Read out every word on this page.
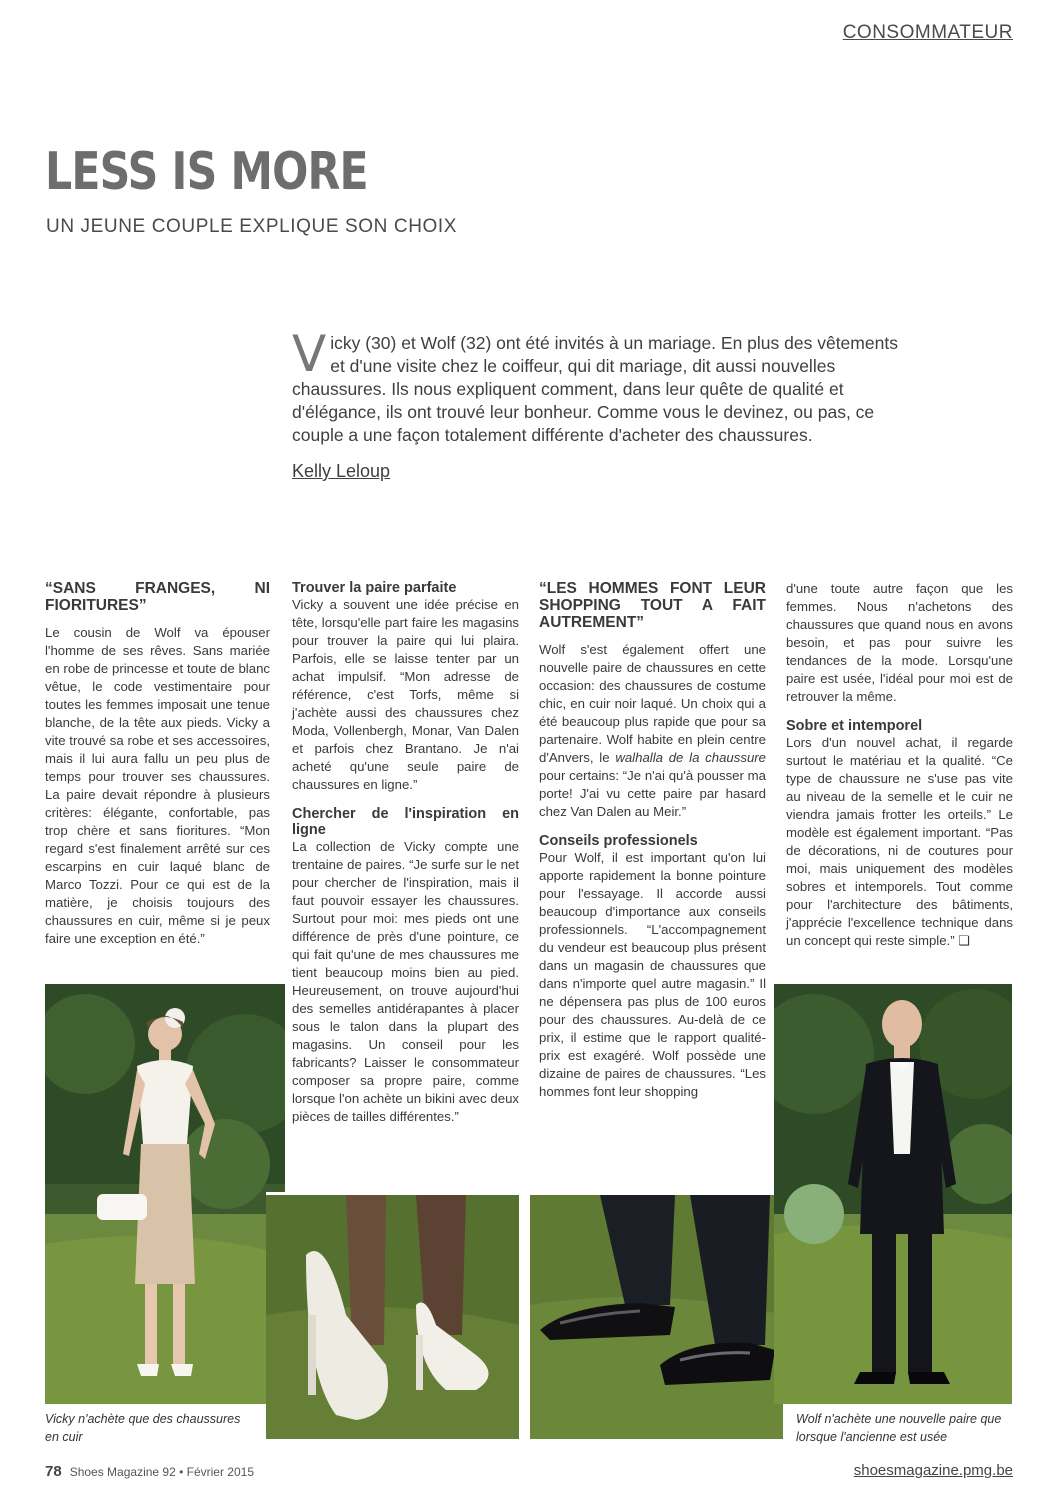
CONSOMMATEUR
LESS IS MORE
UN JEUNE COUPLE EXPLIQUE SON CHOIX
Vicky (30) et Wolf (32) ont été invités à un mariage. En plus des vêtements et d'une visite chez le coiffeur, qui dit mariage, dit aussi nouvelles chaussures. Ils nous expliquent comment, dans leur quête de qualité et d'élégance, ils ont trouvé leur bonheur. Comme vous le devinez, ou pas, ce couple a une façon totalement différente d'acheter des chaussures.
Kelly Leloup
“SANS FRANGES, NI FIORITURES”

Le cousin de Wolf va épouser l'homme de ses rêves. Sans mariée en robe de princesse et toute de blanc vêtue, le code vestimentaire pour toutes les femmes imposait une tenue blanche, de la tête aux pieds. Vicky a vite trouvé sa robe et ses accessoires, mais il lui aura fallu un peu plus de temps pour trouver ses chaussures. La paire devait répondre à plusieurs critères: élégante, confortable, pas trop chère et sans fioritures. “Mon regard s'est finalement arrêté sur ces escarpins en cuir laqué blanc de Marco Tozzi. Pour ce qui est de la matière, je choisis toujours des chaussures en cuir, même si je peux faire une exception en été.”

Trouver la paire parfaite

Vicky a souvent une idée précise en tête, lorsqu'elle part faire les magasins pour trouver la paire qui lui plaira. Parfois, elle se laisse tenter par un achat impulsif. “Mon adresse de référence, c'est Torfs, même si j'achète aussi des chaussures chez Moda, Vollenbergh, Monar, Van Dalen et parfois chez Brantano. Je n'ai acheté qu'une seule paire de chaussures en ligne.”

Chercher de l'inspiration en ligne

La collection de Vicky compte une trentaine de paires. “Je surfe sur le net pour chercher de l'inspiration, mais il faut pouvoir essayer les chaussures. Surtout pour moi: mes pieds ont une différence de près d'une pointure, ce qui fait qu'une de mes chaussures me tient beaucoup moins bien au pied. Heureusement, on trouve aujourd'hui des semelles antidérapantes à placer sous le talon dans la plupart des magasins. Un conseil pour les fabricants? Laisser le consommateur composer sa propre paire, comme lorsque l'on achète un bikini avec deux pièces de tailles différentes.”

“LES HOMMES FONT LEUR SHOPPING TOUT A FAIT AUTREMENT”

Wolf s'est également offert une nouvelle paire de chaussures en cette occasion: des chaussures de costume chic, en cuir noir laqué. Un choix qui a été beaucoup plus rapide que pour sa partenaire. Wolf habite en plein centre d'Anvers, le walhalla de la chaussure pour certains: “Je n'ai qu'à pousser ma porte! J'ai vu cette paire par hasard chez Van Dalen au Meir.”

Conseils professionels

Pour Wolf, il est important qu'on lui apporte rapidement la bonne pointure pour l'essayage. Il accorde aussi beaucoup d'importance aux conseils professionnels. “L'accompagnement du vendeur est beaucoup plus présent dans un magasin de chaussures que dans n'importe quel autre magasin.” Il ne dépensera pas plus de 100 euros pour des chaussures. Au-delà de ce prix, il estime que le rapport qualité-prix est exagéré. Wolf possède une dizaine de paires de chaussures. “Les hommes font leur shopping

d'une toute autre façon que les femmes. Nous n'achetons des chaussures que quand nous en avons besoin, et pas pour suivre les tendances de la mode. Lorsqu'une paire est usée, l'idéal pour moi est de retrouver la même.

Sobre et intemporel

Lors d'un nouvel achat, il regarde surtout le matériau et la qualité. “Ce type de chaussure ne s'use pas vite au niveau de la semelle et le cuir ne viendra jamais frotter les orteils.” Le modèle est également important. “Pas de décorations, ni de coutures pour moi, mais uniquement des modèles sobres et intemporels. Tout comme pour l'architecture des bâtiments, j'apprécie l'excellence technique dans un concept qui reste simple.” ❏

Vicky n'achète que des chaussures en cuir
Wolf n'achète une nouvelle paire que lorsque l'ancienne est usée
78 Shoes Magazine 92 • Février 2015	shoesmagazine.pmg.be
